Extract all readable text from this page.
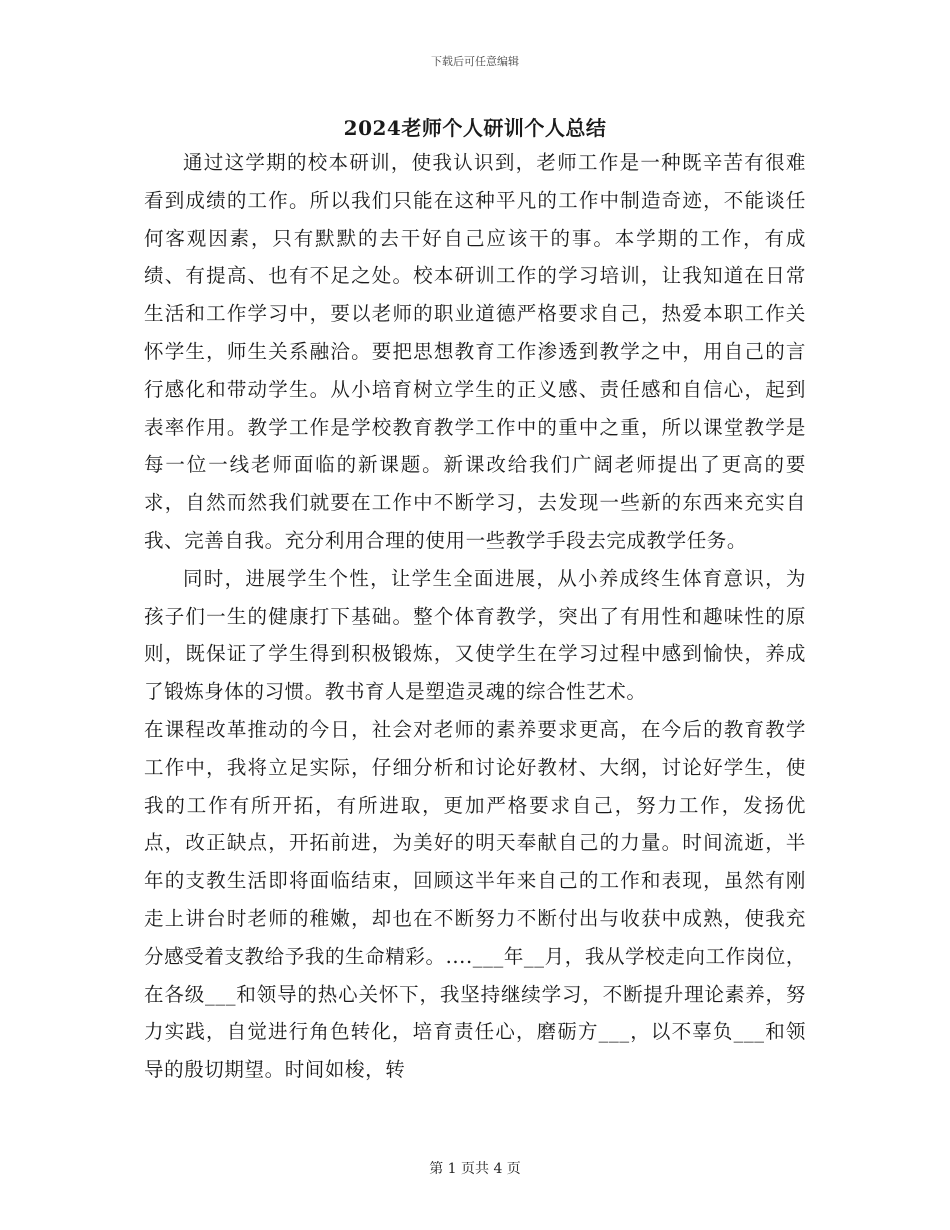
下载后可任意编辑
2024老师个人研训个人总结

通过这学期的校本研训，使我认识到，老师工作是一种既辛苦有很难看到成绩的工作。所以我们只能在这种平凡的工作中制造奇迹，不能谈任何客观因素，只有默默的去干好自己应该干的事。本学期的工作，有成绩、有提高、也有不足之处。校本研训工作的学习培训，让我知道在日常生活和工作学习中，要以老师的职业道德严格要求自己，热爱本职工作关怀学生，师生关系融洽。要把思想教育工作渗透到教学之中，用自己的言行感化和带动学生。从小培育树立学生的正义感、责任感和自信心，起到表率作用。教学工作是学校教育教学工作中的重中之重，所以课堂教学是每一位一线老师面临的新课题。新课改给我们广阔老师提出了更高的要求，自然而然我们就要在工作中不断学习，去发现一些新的东西来充实自我、完善自我。充分利用合理的使用一些教学手段去完成教学任务。

同时，进展学生个性，让学生全面进展，从小养成终生体育意识，为孩子们一生的健康打下基础。整个体育教学，突出了有用性和趣味性的原则，既保证了学生得到积极锻炼，又使学生在学习过程中感到愉快，养成了锻炼身体的习惯。教书育人是塑造灵魂的综合性艺术。

在课程改革推动的今日，社会对老师的素养要求更高，在今后的教育教学工作中，我将立足实际，仔细分析和讨论好教材、大纲，讨论好学生，使我的工作有所开拓，有所进取，更加严格要求自己，努力工作，发扬优点，改正缺点，开拓前进，为美好的明天奉献自己的力量。时间流逝，半年的支教生活即将面临结束，回顾这半年来自己的工作和表现，虽然有刚走上讲台时老师的稚嫩，却也在不断努力不断付出与收获中成熟，使我充分感受着支教给予我的生命精彩。....___年__月，我从学校走向工作岗位，在各级___和领导的热心关怀下，我坚持继续学习，不断提升理论素养，努力实践，自觉进行角色转化，培育责任心，磨砺方___，以不辜负___和领导的殷切期望。时间如梭，转

第 1 页共 4 页
